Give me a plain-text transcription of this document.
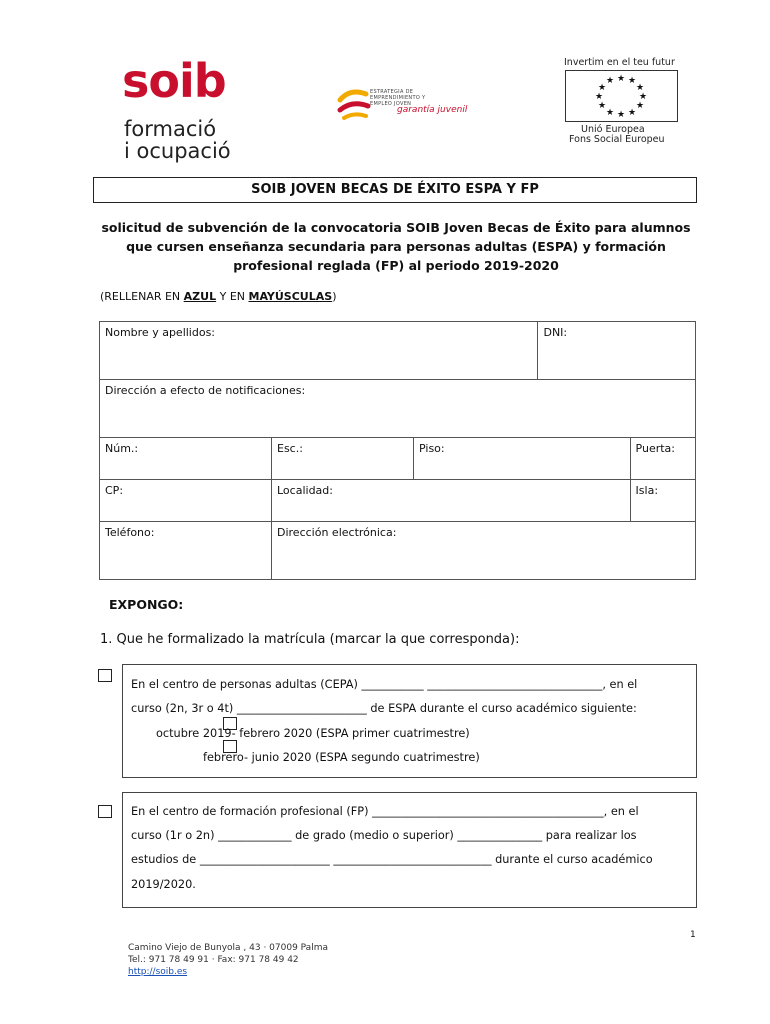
soib
formació
i ocupació
ESTRATEGIA DE
EMPRENDIMIENTO Y
EMPLEO JOVEN
garantía juvenil
Invertim en el teu futur
★ ★
★
★
★
★
★
★
★
★
★
★
Unió Europea
Fons Social Europeu
SOIB JOVEN BECAS DE ÉXITO ESPA Y FP
solicitud de subvención de la convocatoria SOIB Joven Becas de Éxito para alumnos que cursen enseñanza secundaria para personas adultas (ESPA) y formación profesional reglada (FP) al periodo 2019-2020
(RELLENAR EN AZUL Y EN MAYÚSCULAS)
Nombre y apellidos:			DNI:	
Dirección a efecto de notificaciones:				
Núm.:	Esc.:	Piso:		Puerta:
CP:	Localidad:			Isla:
Teléfono:	Dirección electrónica:			
EXPONGO:
1. Que he formalizado la matrícula (marcar la que corresponda):
En el centro de personas adultas (CEPA) ___________ _______________________________, en el
curso (2n, 3r o 4t) _______________________ de ESPA durante el curso académico siguiente:
octubre 2019- febrero 2020 (ESPA primer cuatrimestre)
febrero- junio 2020 (ESPA segundo cuatrimestre)
En el centro de formación profesional (FP) _________________________________________, en el
curso (1r o 2n) _____________ de grado (medio o superior) _______________ para realizar los
estudios de _______________________ ____________________________ durante el curso académico
2019/2020.
1
Camino Viejo de Bunyola , 43 · 07009 Palma
Tel.: 971 78 49 91 · Fax: 971 78 49 42
http://soib.es
